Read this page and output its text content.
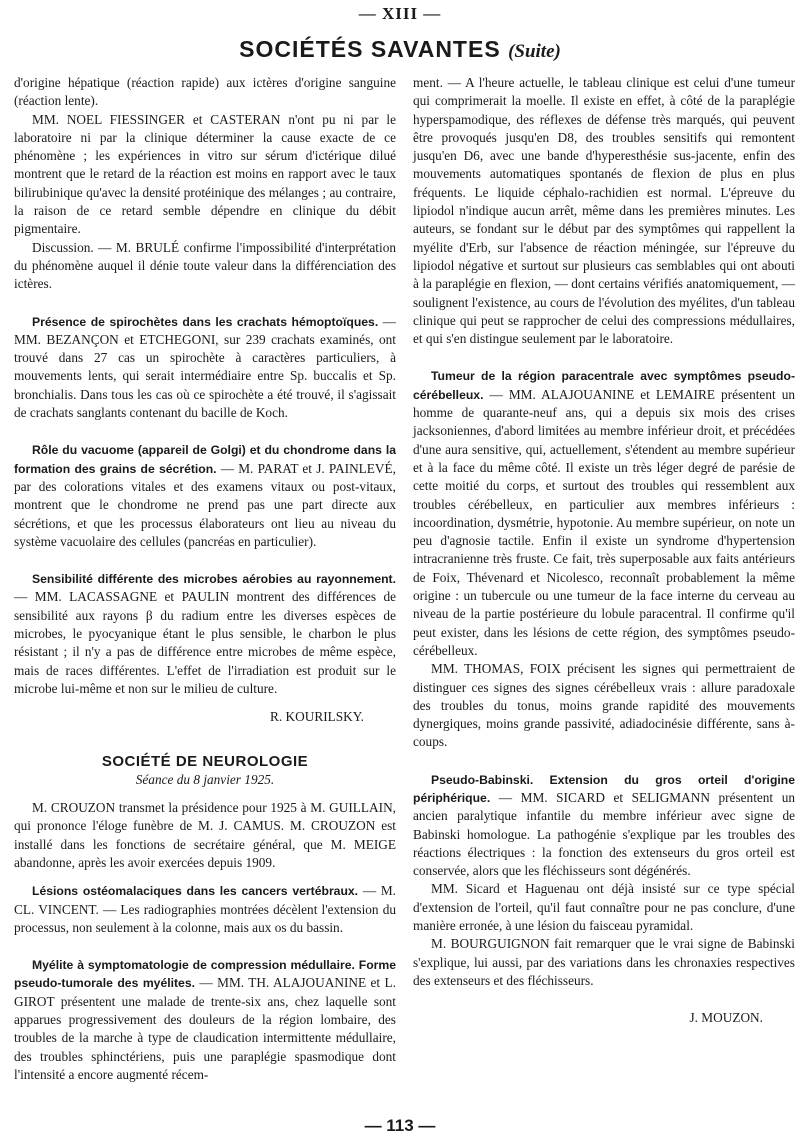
— XIII —
SOCIÉTÉS SAVANTES (Suite)

d'origine hépatique (réaction rapide) aux ictères d'origine sanguine (réaction lente).

MM. NOEL FIESSINGER et CASTERAN n'ont pu ni par le laboratoire ni par la clinique déterminer la cause exacte de ce phénomène ; les expériences in vitro sur sérum d'ictérique dilué montrent que le retard de la réaction est moins en rapport avec le taux bilirubinique qu'avec la densité protéinique des mélanges ; au contraire, la raison de ce retard semble dépendre en clinique du débit pigmentaire.

Discussion. — M. BRULÉ confirme l'impossibilité d'interprétation du phénomène auquel il dénie toute valeur dans la différenciation des ictères.

Présence de spirochètes dans les crachats hémoptoïques. — MM. BEZANÇON et ETCHEGONI, sur 239 crachats examinés, ont trouvé dans 27 cas un spirochète à caractères particuliers, à mouvements lents, qui serait intermédiaire entre Sp. buccalis et Sp. bronchialis. Dans tous les cas où ce spirochète a été trouvé, il s'agissait de crachats sanglants contenant du bacille de Koch.

Rôle du vacuome (appareil de Golgi) et du chondrome dans la formation des grains de sécrétion. — M. PARAT et J. PAINLEVÉ, par des colorations vitales et des examens vitaux ou post-vitaux, montrent que le chondrome ne prend pas une part directe aux sécrétions, et que les processus élaborateurs ont lieu au niveau du système vacuolaire des cellules (pancréas en particulier).

Sensibilité différente des microbes aérobies au rayonnement. — MM. LACASSAGNE et PAULIN montrent des différences de sensibilité aux rayons β du radium entre les diverses espèces de microbes, le pyocyanique étant le plus sensible, le charbon le plus résistant ; il n'y a pas de différence entre microbes de même espèce, mais de races différentes. L'effet de l'irradiation est produit sur le microbe lui-même et non sur le milieu de culture.

R. KOURILSKY.

SOCIÉTÉ DE NEUROLOGIE

Séance du 8 janvier 1925.

M. CROUZON transmet la présidence pour 1925 à M. GUILLAIN, qui prononce l'éloge funèbre de M. J. CAMUS. M. CROUZON est installé dans les fonctions de secrétaire général, que M. MEIGE abandonne, après les avoir exercées depuis 1909.

Lésions ostéomalaciques dans les cancers vertébraux. — M. CL. VINCENT. — Les radiographies montrées décèlent l'extension du processus, non seulement à la colonne, mais aux os du bassin.

Myélite à symptomatologie de compression médullaire. Forme pseudo-tumorale des myélites. — MM. TH. ALAJOUANINE et L. GIROT présentent une malade de trente-six ans, chez laquelle sont apparues progressivement des douleurs de la région lombaire, des troubles de la marche à type de claudication intermittente médullaire, des troubles sphinctériens, puis une paraplégie spasmodique dont l'intensité a encore augmenté récem-

ment. — A l'heure actuelle, le tableau clinique est celui d'une tumeur qui comprimerait la moelle. Il existe en effet, à côté de la paraplégie hyperspamodique, des réflexes de défense très marqués, qui peuvent être provoqués jusqu'en D8, des troubles sensitifs qui remontent jusqu'en D6, avec une bande d'hyperesthésie sus-jacente, enfin des mouvements automatiques spontanés de flexion de plus en plus fréquents. Le liquide céphalo-rachidien est normal. L'épreuve du lipiodol n'indique aucun arrêt, même dans les premières minutes. Les auteurs, se fondant sur le début par des symptômes qui rappellent la myélite d'Erb, sur l'absence de réaction méningée, sur l'épreuve du lipiodol négative et surtout sur plusieurs cas semblables qui ont abouti à la paraplégie en flexion, — dont certains vérifiés anatomiquement, — soulignent l'existence, au cours de l'évolution des myélites, d'un tableau clinique qui peut se rapprocher de celui des compressions médullaires, et qui s'en distingue seulement par le laboratoire.

Tumeur de la région paracentrale avec symptômes pseudo-cérébelleux. — MM. ALAJOUANINE et LEMAIRE présentent un homme de quarante-neuf ans, qui a depuis six mois des crises jacksoniennes, d'abord limitées au membre inférieur droit, et précédées d'une aura sensitive, qui, actuellement, s'étendent au membre supérieur et à la face du même côté. Il existe un très léger degré de parésie de cette moitié du corps, et surtout des troubles qui ressemblent aux troubles cérébelleux, en particulier aux membres inférieurs : incoordination, dysmétrie, hypotonie. Au membre supérieur, on note un peu d'agnosie tactile. Enfin il existe un syndrome d'hypertension intracranienne très fruste. Ce fait, très superposable aux faits antérieurs de Foix, Thévenard et Nicolesco, reconnaît probablement la même origine : un tubercule ou une tumeur de la face interne du cerveau au niveau de la partie postérieure du lobule paracentral. Il confirme qu'il peut exister, dans les lésions de cette région, des symptômes pseudo-cérébelleux.

MM. THOMAS, FOIX précisent les signes qui permettraient de distinguer ces signes des signes cérébelleux vrais : allure paradoxale des troubles du tonus, moins grande rapidité des mouvements dynergiques, moins grande passivité, adiadocinésie différente, sans à-coups.

Pseudo-Babinski. Extension du gros orteil d'origine périphérique. — MM. SICARD et SELIGMANN présentent un ancien paralytique infantile du membre inférieur avec signe de Babinski homologue. La pathogénie s'explique par les troubles des réactions électriques : la fonction des extenseurs du gros orteil est conservée, alors que les fléchisseurs sont dégénérés.

MM. Sicard et Haguenau ont déjà insisté sur ce type spécial d'extension de l'orteil, qu'il faut connaître pour ne pas conclure, d'une manière erronée, à une lésion du faisceau pyramidal.

M. BOURGUIGNON fait remarquer que le vrai signe de Babinski s'explique, lui aussi, par des variations dans les chronaxies respectives des extenseurs et des fléchisseurs.

J. MOUZON.

— 113 —
